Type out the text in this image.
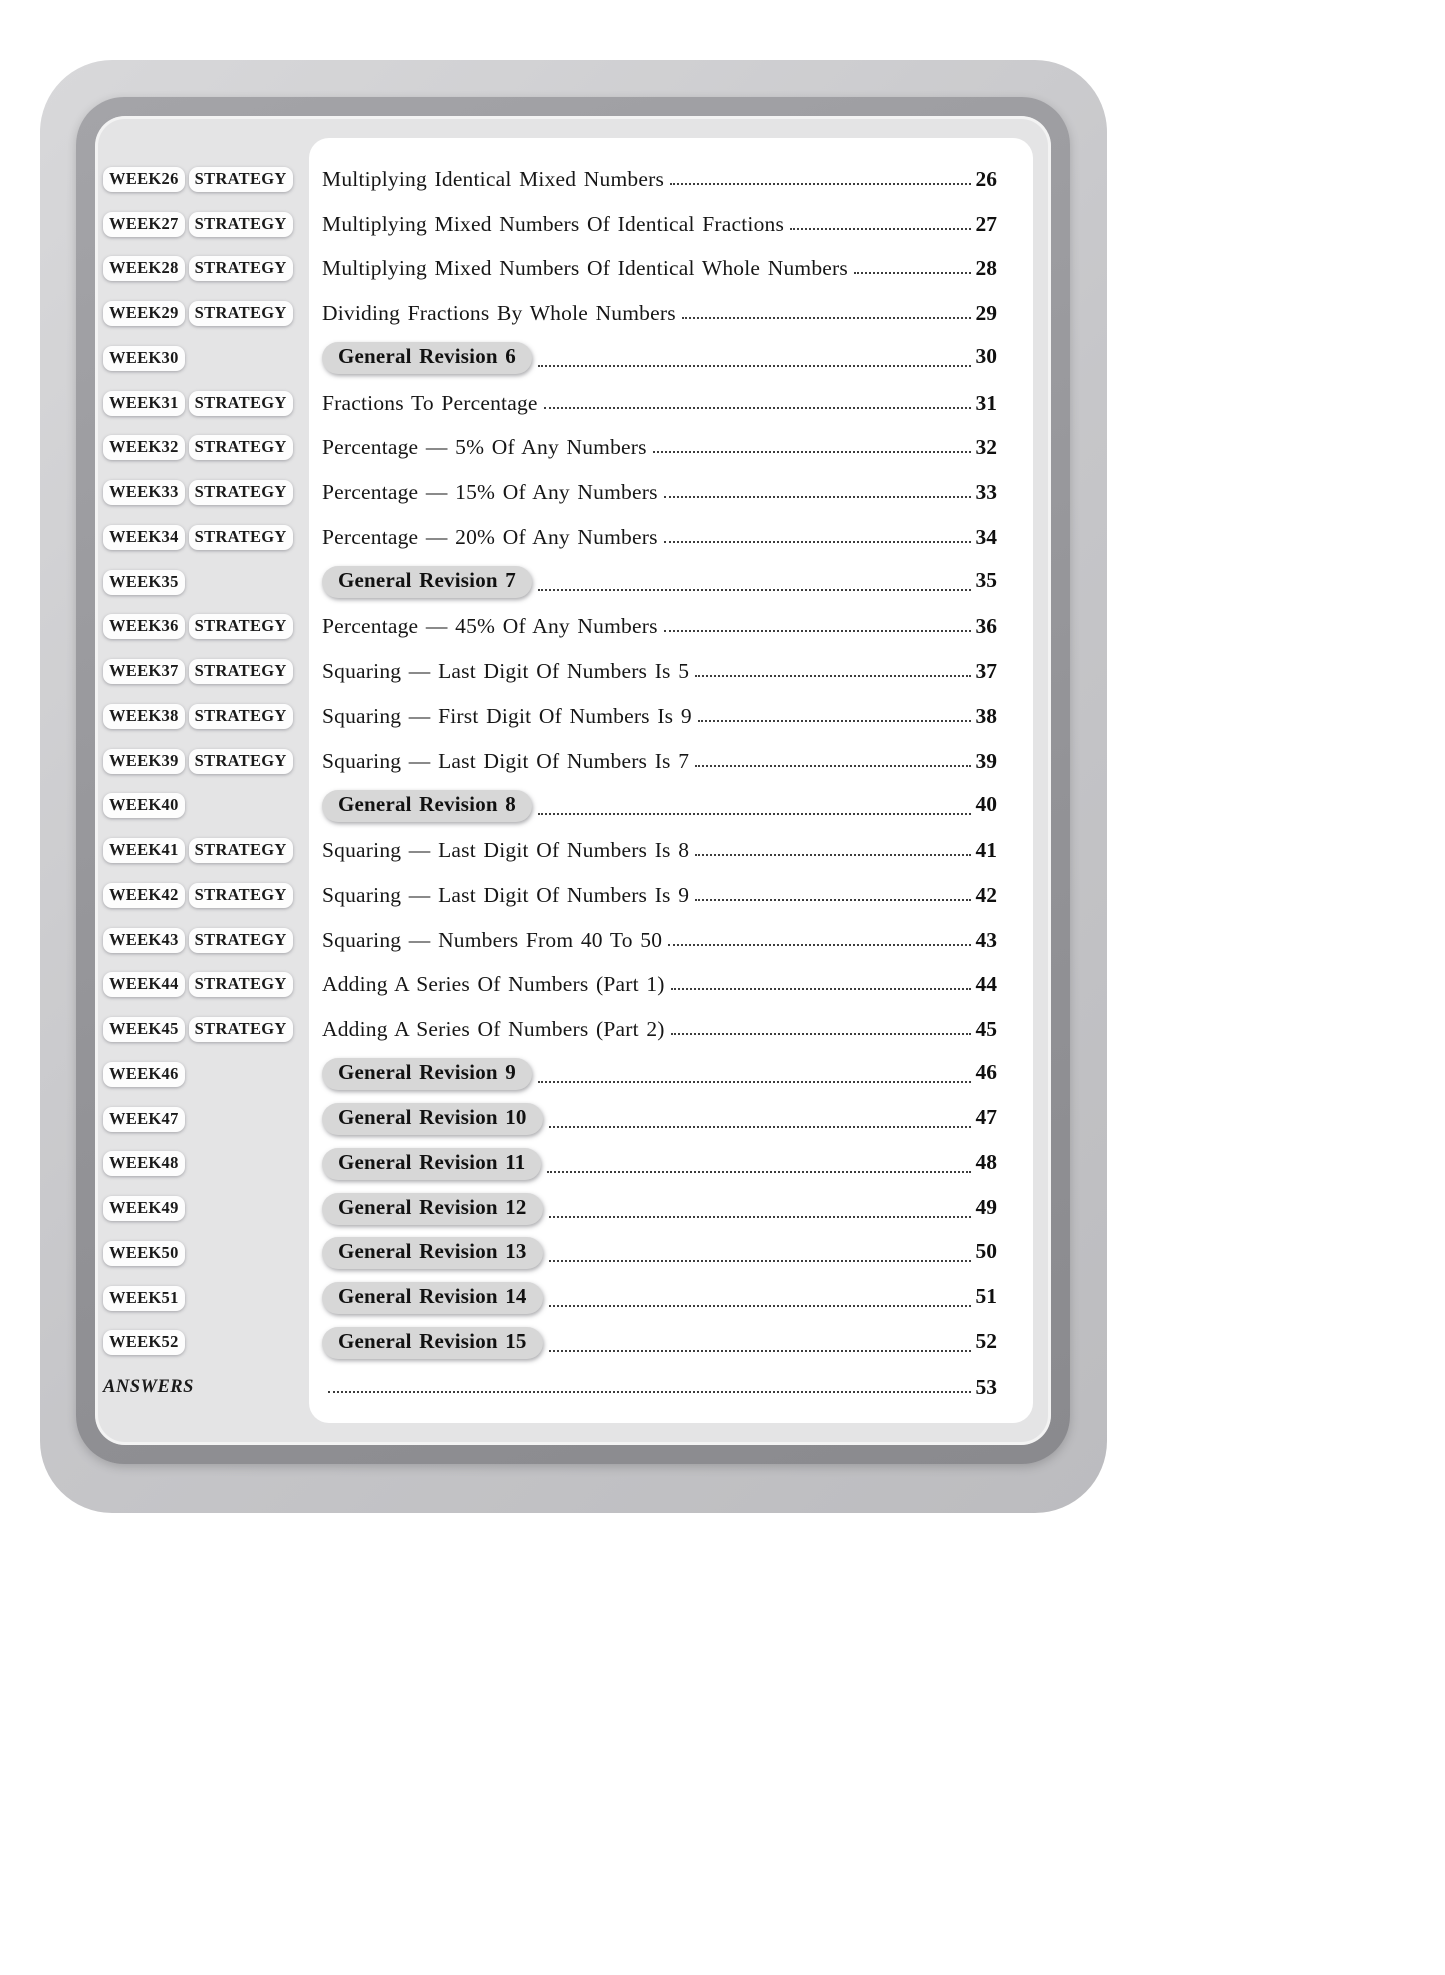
WEEK26 STRATEGY Multiplying Identical Mixed Numbers	26
WEEK27 STRATEGY Multiplying Mixed Numbers Of Identical Fractions	27
WEEK28 STRATEGY Multiplying Mixed Numbers Of Identical Whole Numbers	28
WEEK29 STRATEGY Dividing Fractions By Whole Numbers	29
WEEK30	General Revision 6	30
WEEK31 STRATEGY Fractions To Percentage	31
WEEK32 STRATEGY Percentage — 5% Of Any Numbers	32
WEEK33 STRATEGY Percentage — 15% Of Any Numbers	33
WEEK34 STRATEGY Percentage — 20% Of Any Numbers	34
WEEK35	General Revision 7	35
WEEK36 STRATEGY Percentage — 45% Of Any Numbers	36
WEEK37 STRATEGY Squaring — Last Digit Of Numbers Is 5	37
WEEK38 STRATEGY Squaring — First Digit Of Numbers Is 9	38
WEEK39 STRATEGY Squaring — Last Digit Of Numbers Is 7	39
WEEK40	General Revision 8	40
WEEK41 STRATEGY Squaring — Last Digit Of Numbers Is 8	41
WEEK42 STRATEGY Squaring — Last Digit Of Numbers Is 9	42
WEEK43 STRATEGY Squaring — Numbers From 40 To 50	43
WEEK44 STRATEGY Adding A Series Of Numbers (Part 1)	44
WEEK45 STRATEGY Adding A Series Of Numbers (Part 2)	45
WEEK46	General Revision 9	46
WEEK47	General Revision 10	47
WEEK48	General Revision 11	48
WEEK49	General Revision 12	49
WEEK50	General Revision 13	50
WEEK51	General Revision 14	51
WEEK52	General Revision 15	52
ANSWERS	53
